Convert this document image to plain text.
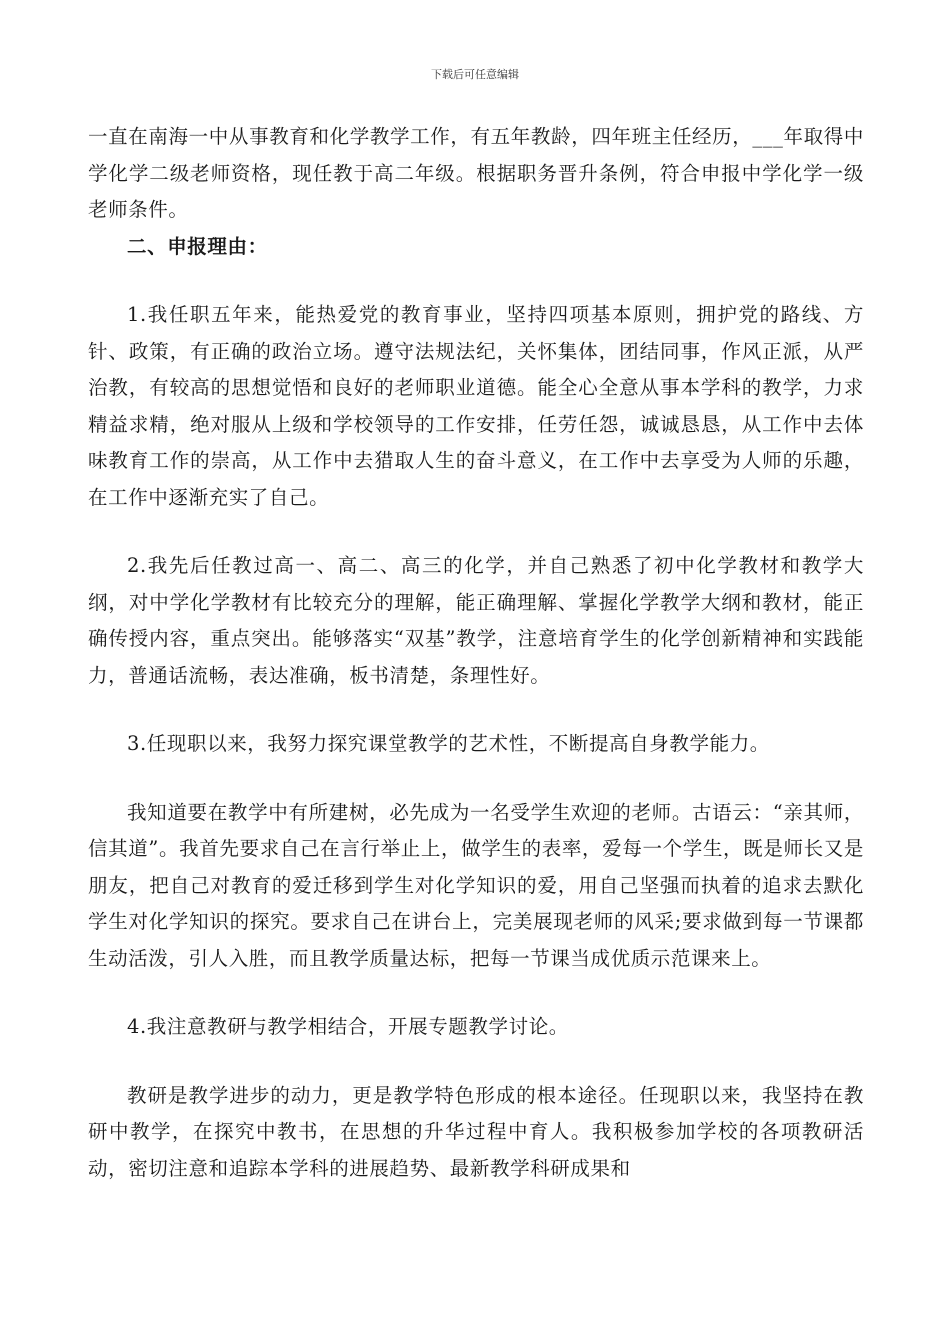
下载后可任意编辑

一直在南海一中从事教育和化学教学工作，有五年教龄，四年班主任经历，___年取得中学化学二级老师资格，现任教于高二年级。根据职务晋升条例，符合申报中学化学一级老师条件。

二、申报理由：

1.我任职五年来，能热爱党的教育事业，坚持四项基本原则，拥护党的路线、方针、政策，有正确的政治立场。遵守法规法纪，关怀集体，团结同事，作风正派，从严治教，有较高的思想觉悟和良好的老师职业道德。能全心全意从事本学科的教学，力求精益求精，绝对服从上级和学校领导的工作安排，任劳任怨，诚诚恳恳，从工作中去体味教育工作的崇高，从工作中去猎取人生的奋斗意义，在工作中去享受为人师的乐趣，在工作中逐渐充实了自己。

2.我先后任教过高一、高二、高三的化学，并自己熟悉了初中化学教材和教学大纲，对中学化学教材有比较充分的理解，能正确理解、掌握化学教学大纲和教材，能正确传授内容，重点突出。能够落实“双基”教学，注意培育学生的化学创新精神和实践能力，普通话流畅，表达准确，板书清楚，条理性好。

3.任现职以来，我努力探究课堂教学的艺术性，不断提高自身教学能力。

我知道要在教学中有所建树，必先成为一名受学生欢迎的老师。古语云：“亲其师，信其道”。我首先要求自己在言行举止上，做学生的表率，爱每一个学生，既是师长又是朋友，把自己对教育的爱迁移到学生对化学知识的爱，用自己坚强而执着的追求去默化学生对化学知识的探究。要求自己在讲台上，完美展现老师的风采;要求做到每一节课都生动活泼，引人入胜，而且教学质量达标，把每一节课当成优质示范课来上。

4.我注意教研与教学相结合，开展专题教学讨论。

教研是教学进步的动力，更是教学特色形成的根本途径。任现职以来，我坚持在教研中教学，在探究中教书，在思想的升华过程中育人。我积极参加学校的各项教研活动，密切注意和追踪本学科的进展趋势、最新教学科研成果和
